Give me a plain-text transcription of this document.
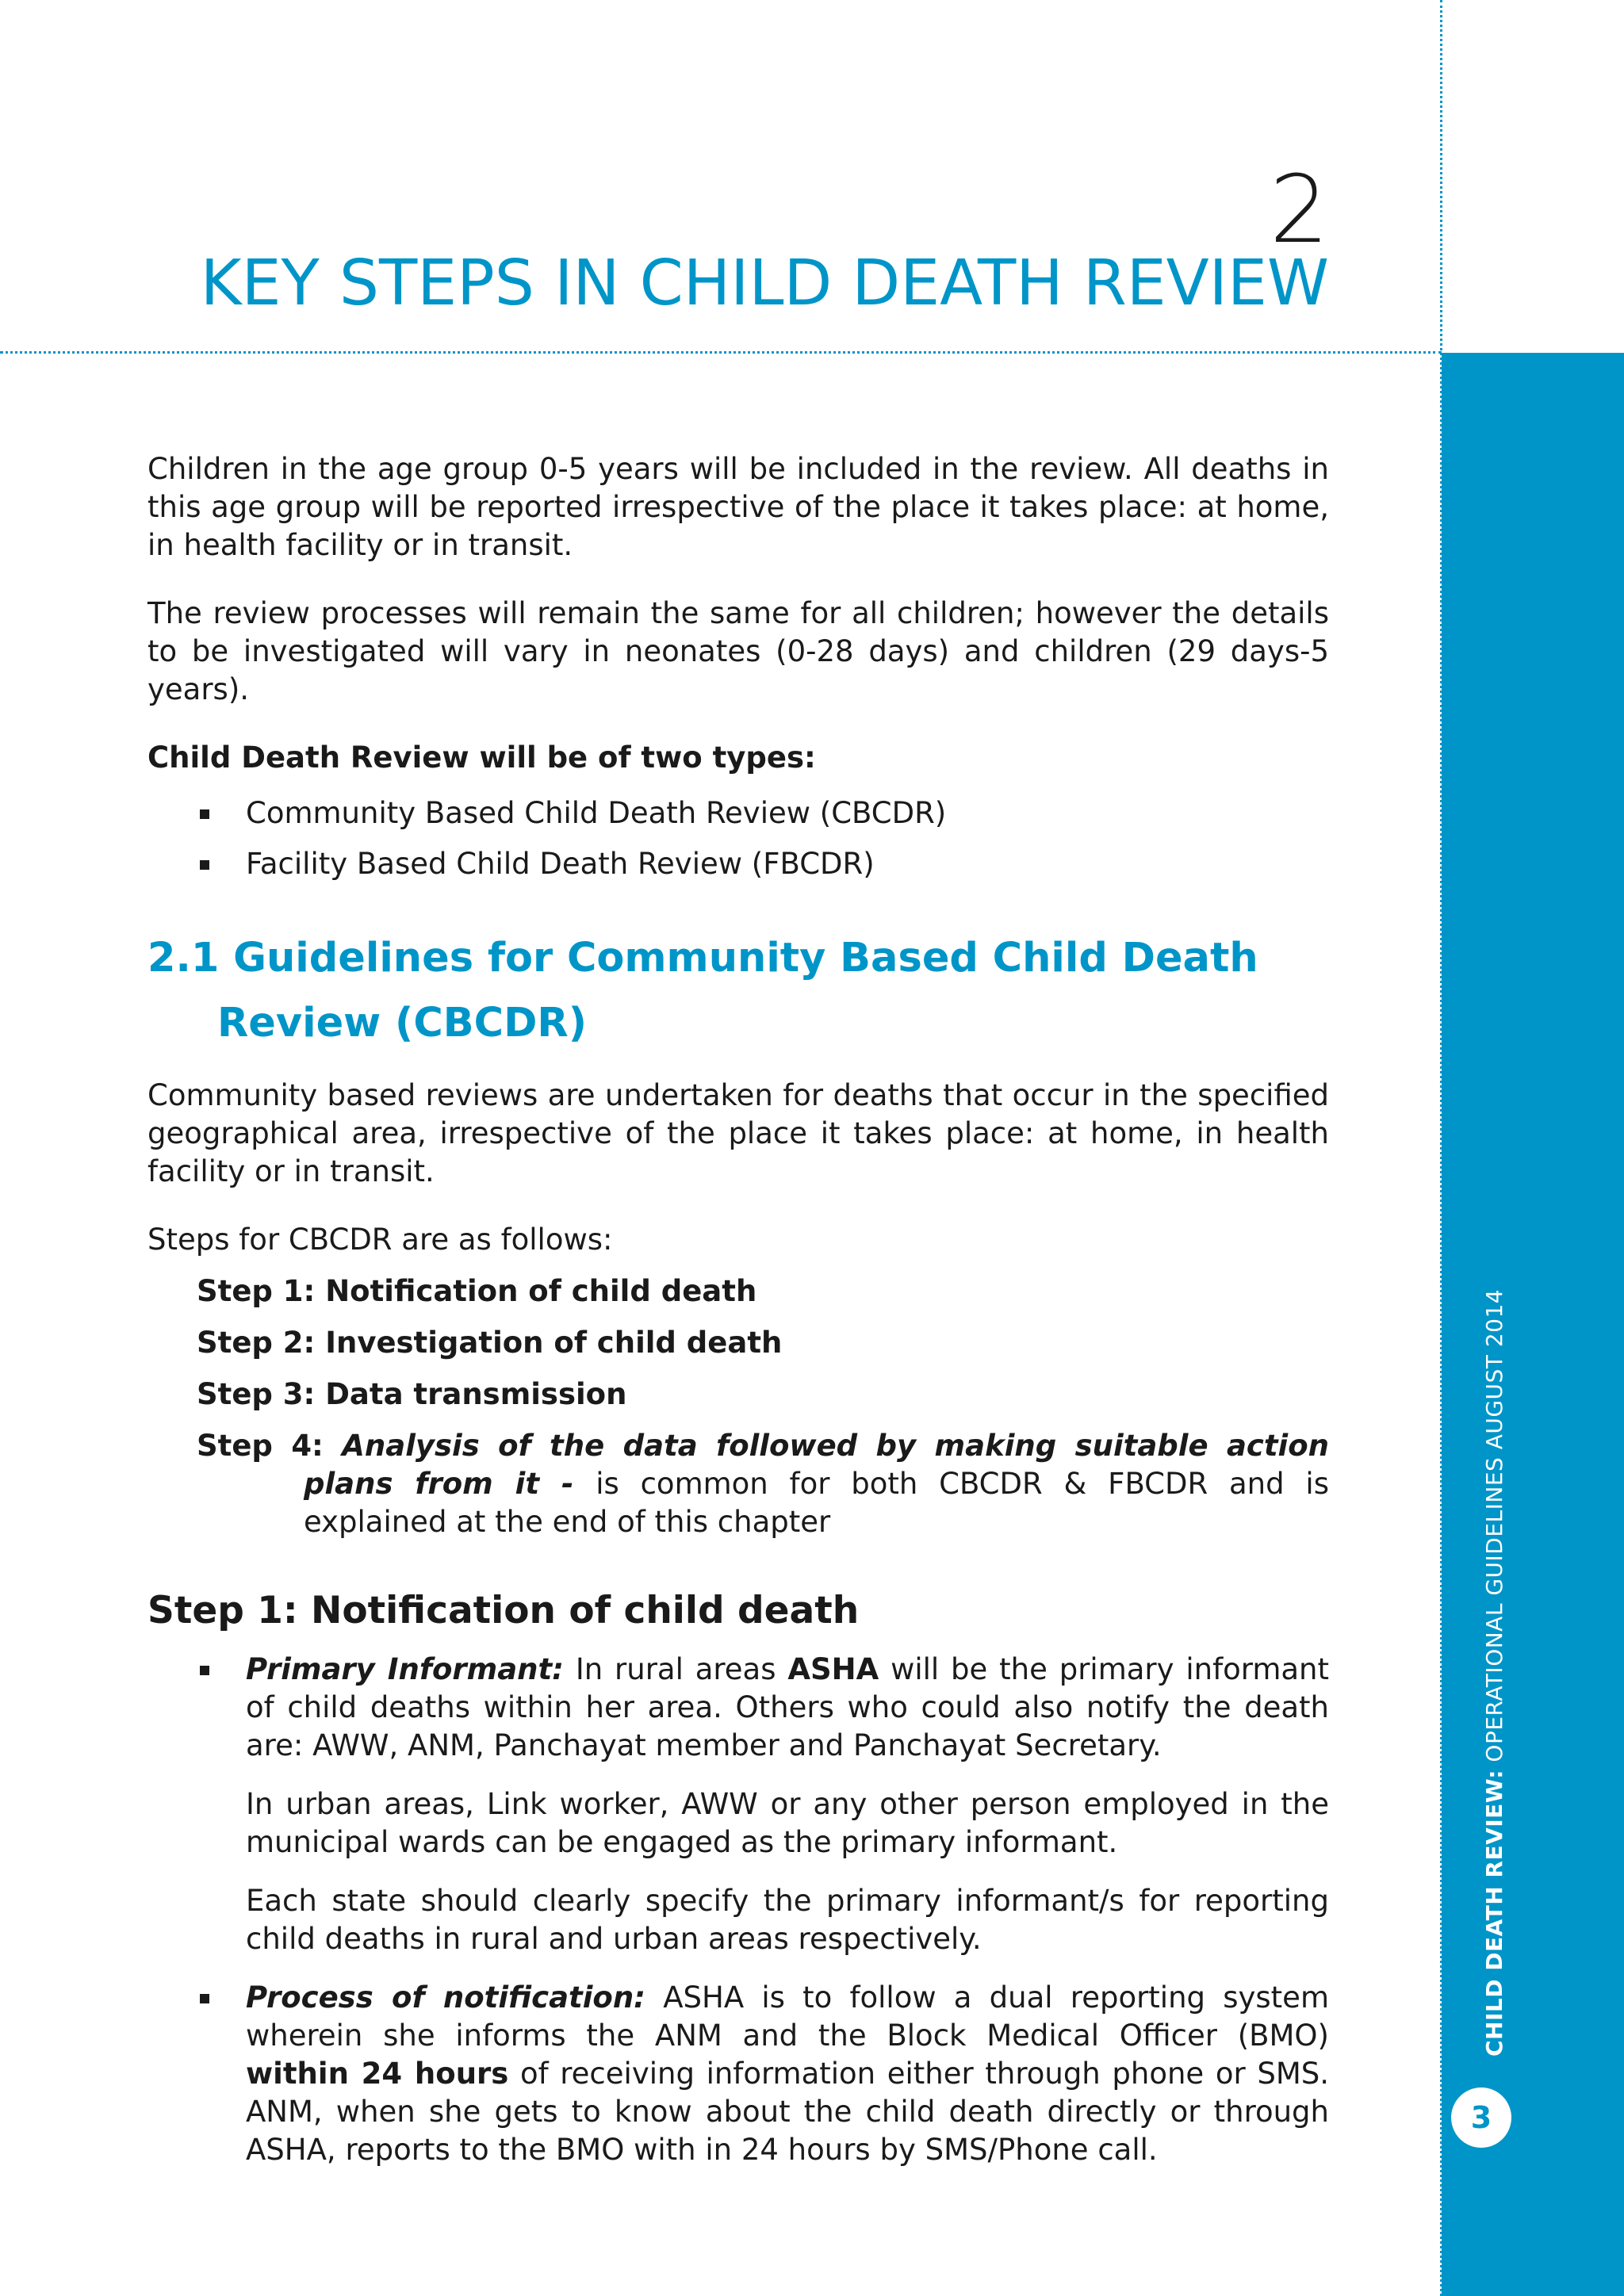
CHILD DEATH REVIEW: OPERATIONAL GUIDELINES AUGUST 2014
3
2
KEY STEPS IN CHILD DEATH REVIEW

Children in the age group 0-5 years will be included in the review. All deaths in this age group will be reported irrespective of the place it takes place: at home, in health facility or in transit.

The review processes will remain the same for all children; however the details to be investigated will vary in neonates (0-28 days) and children (29 days-5 years).

Child Death Review will be of two types:

Community Based Child Death Review (CBCDR)
Facility Based Child Death Review (FBCDR)
2.1 Guidelines for Community Based Child Death Review (CBCDR)

Community based reviews are undertaken for deaths that occur in the specified geographical area, irrespective of the place it takes place: at home, in health facility or in transit.

Steps for CBCDR are as follows:

Step 1: Notification of child death
Step 2: Investigation of child death
Step 3: Data transmission
Step 4: Analysis of the data followed by making suitable action plans from it - is common for both CBCDR & FBCDR and is explained at the end of this chapter
Step 1: Notification of child death
Primary Informant: In rural areas ASHA will be the primary informant of child deaths within her area. Others who could also notify the death are: AWW, ANM, Panchayat member and Panchayat Secretary.

In urban areas, Link worker, AWW or any other person employed in the municipal wards can be engaged as the primary informant.

Each state should clearly specify the primary informant/s for reporting child deaths in rural and urban areas respectively.

Process of notification: ASHA is to follow a dual reporting system wherein she informs the ANM and the Block Medical Officer (BMO) within 24 hours of receiving information either through phone or SMS. ANM, when she gets to know about the child death directly or through ASHA, reports to the BMO with in 24 hours by SMS/Phone call.
